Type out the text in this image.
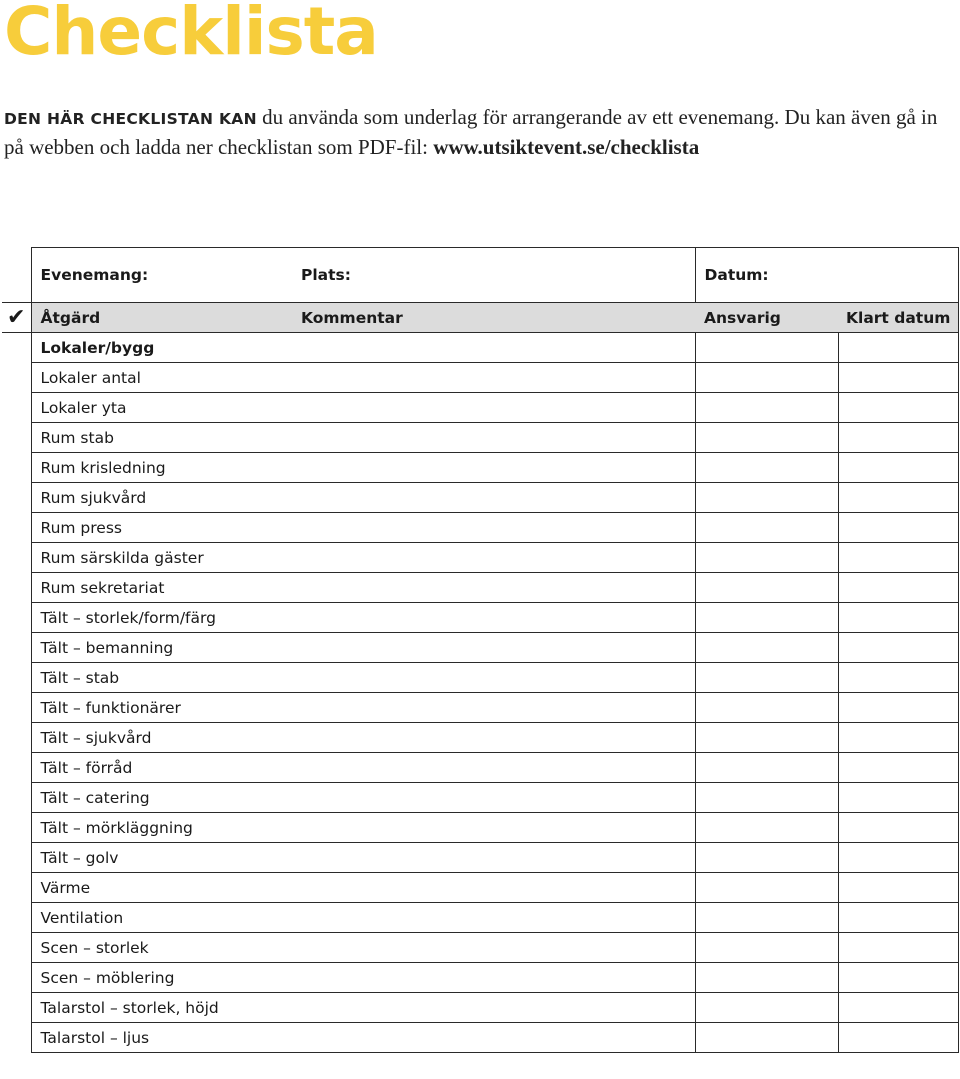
Checklista

DEN HÄR CHECKLISTAN KAN du använda som underlag för arrangerande av ett evenemang. Du kan även gå in på webben och ladda ner checklistan som PDF-fil: www.utsiktevent.se/checklista

	Evenemang:	Plats:	Datum:	
✔	Åtgärd	Kommentar	Ansvarig	Klart datum
	Lokaler/bygg			
	Lokaler antal			
	Lokaler yta			
	Rum stab			
	Rum krisledning			
	Rum sjukvård			
	Rum press			
	Rum särskilda gäster			
	Rum sekretariat			
	Tält – storlek/form/färg			
	Tält – bemanning			
	Tält – stab			
	Tält – funktionärer			
	Tält – sjukvård			
	Tält – förråd			
	Tält – catering			
	Tält – mörkläggning			
	Tält – golv			
	Värme			
	Ventilation			
	Scen – storlek			
	Scen – möblering			
	Talarstol – storlek, höjd			
	Talarstol – ljus			
